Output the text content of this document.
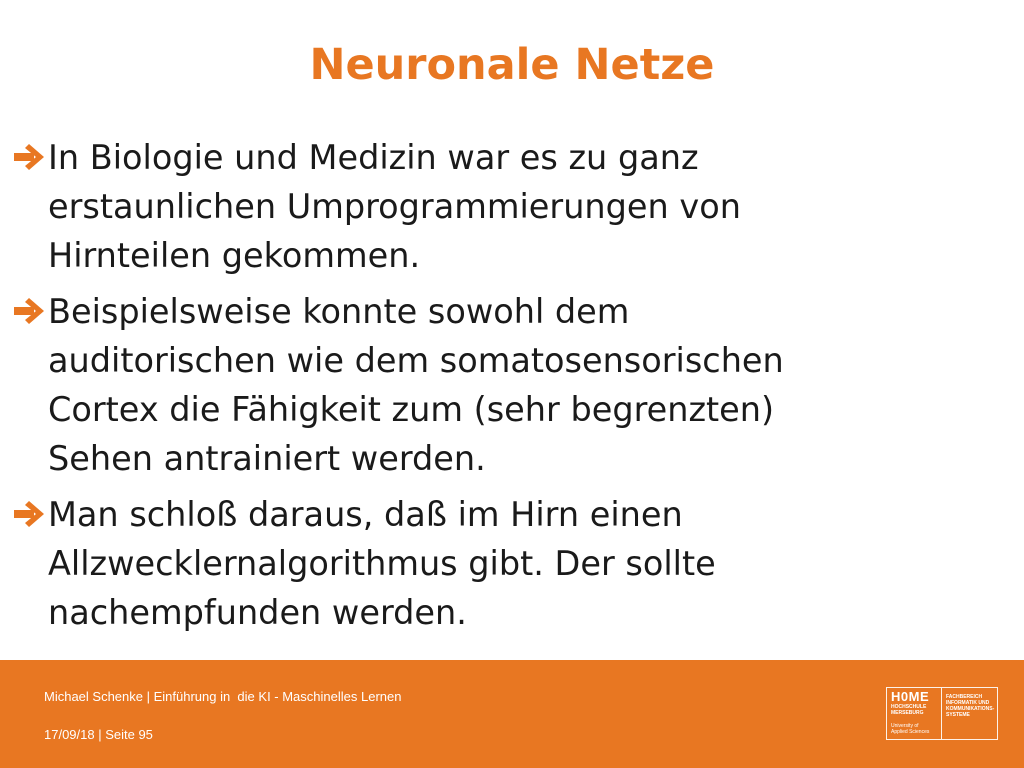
Neuronale Netze
In Biologie und Medizin war es zu ganz
erstaunlichen Umprogrammierungen von
Hirnteilen gekommen.
Beispielsweise konnte sowohl dem
auditorischen wie dem somatosensorischen
Cortex die Fähigkeit zum (sehr begrenzten)
Sehen antrainiert werden.
Man schloß daraus, daß im Hirn einen
Allzwecklernalgorithmus gibt. Der sollte
nachempfunden werden.
Michael Schenke | Einführung in  die KI - Maschinelles Lernen
17/09/18 | Seite 95
H0ME
HOCHSCHULE
MERSEBURG
University of
Applied Sciences
FACHBEREICH
INFORMATIK UND
KOMMUNIKATIONS-
SYSTEME
